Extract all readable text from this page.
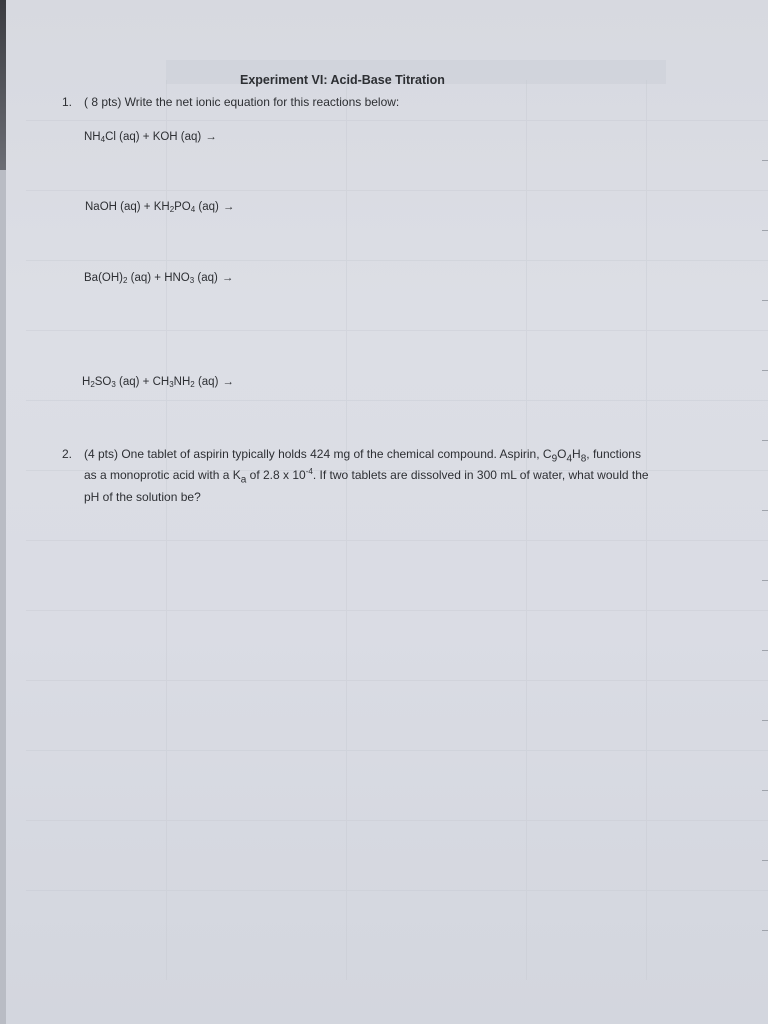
Experiment VI: Acid-Base Titration
1. ( 8 pts) Write the net ionic equation for this reactions below:
$NH_4Cl$ (aq) + KOH (aq) →
NaOH $(aq) + KH_2PO_4$ (aq) →
$Ba(OH)_2$ $(aq) + HNO_3$ (aq) →
$H_2SO_3$ $(aq) + CH_3NH_2$ (aq) →
2. (4 pts) One tablet of aspirin typically holds 424 mg of the chemical compound. Aspirin, $C_9O_4H_8$, functions as a monoprotic acid with a $K_a$ of 2.8 x $10^{-4}$. If two tablets are dissolved in 300 mL of water, what would the pH of the solution be?
